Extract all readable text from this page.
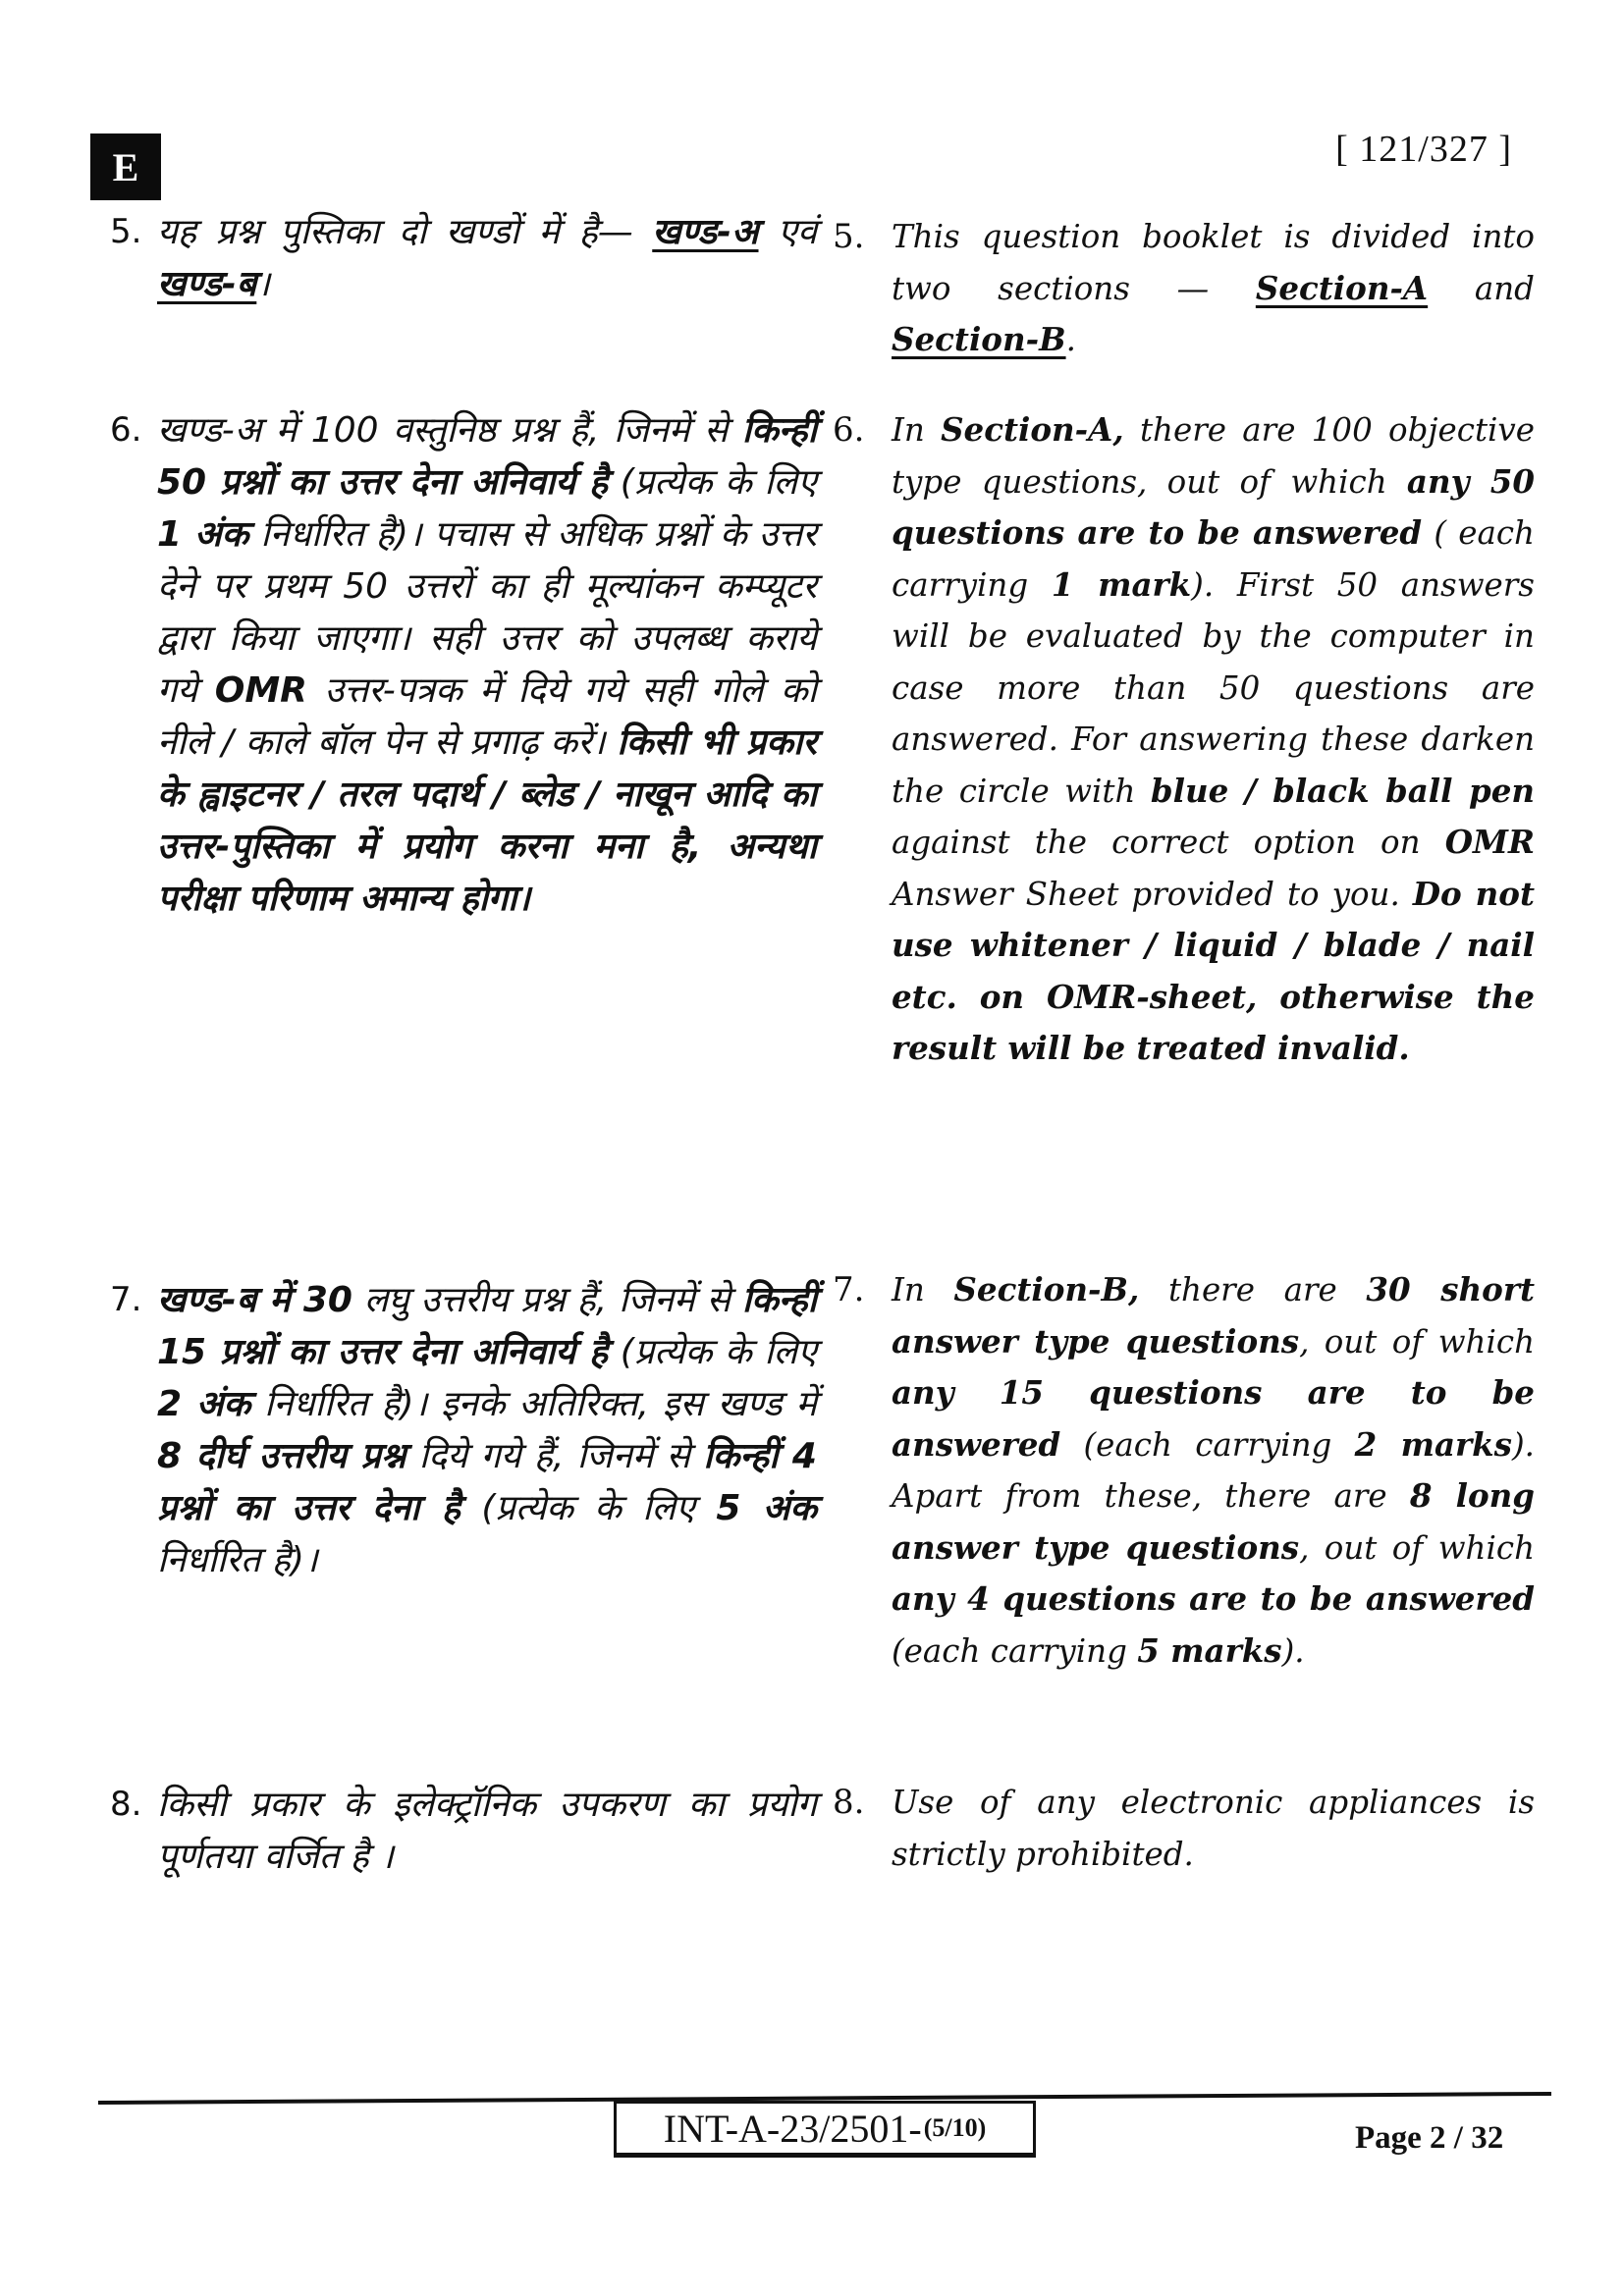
E	[ 121/327 ]
5. यह प्रश्न पुस्तिका दो खण्डों में है— खण्ड-अ एवं खण्ड-ब।
6. खण्ड-अ में 100 वस्तुनिष्ठ प्रश्न हैं, जिनमें से किन्हीं 50 प्रश्नों का उत्तर देना अनिवार्य है (प्रत्येक के लिए 1 अंक निर्धारित है)। पचास से अधिक प्रश्नों के उत्तर देने पर प्रथम 50 उत्तरों का ही मूल्यांकन कम्प्यूटर द्वारा किया जाएगा। सही उत्तर को उपलब्ध कराये गये OMR उत्तर-पत्रक में दिये गये सही गोले को नीले / काले बॉल पेन से प्रगाढ़ करें। किसी भी प्रकार के ह्वाइटनर / तरल पदार्थ / ब्लेड / नाखून आदि का उत्तर-पुस्तिका में प्रयोग करना मना है, अन्यथा परीक्षा परिणाम अमान्य होगा।
7. खण्ड-ब में 30 लघु उत्तरीय प्रश्न हैं, जिनमें से किन्हीं 15 प्रश्नों का उत्तर देना अनिवार्य है (प्रत्येक के लिए 2 अंक निर्धारित है)। इनके अतिरिक्त, इस खण्ड में 8 दीर्घ उत्तरीय प्रश्न दिये गये हैं, जिनमें से किन्हीं 4 प्रश्नों का उत्तर देना है (प्रत्येक के लिए 5 अंक निर्धारित है)।
8. किसी प्रकार के इलेक्ट्रॉनिक उपकरण का प्रयोग पूर्णतया वर्जित है ।
5. This question booklet is divided into two sections — Section-A and Section-B.
6. In Section-A, there are 100 objective type questions, out of which any 50 questions are to be answered ( each carrying 1 mark). First 50 answers will be evaluated by the computer in case more than 50 questions are answered. For answering these darken the circle with blue / black ball pen against the correct option on OMR Answer Sheet provided to you. Do not use whitener / liquid / blade / nail etc. on OMR-sheet, otherwise the result will be treated invalid.
7. In Section-B, there are 30 short answer type questions, out of which any 15 questions are to be answered (each carrying 2 marks). Apart from these, there are 8 long answer type questions, out of which any 4 questions are to be answered (each carrying 5 marks).
8. Use of any electronic appliances is strictly prohibited.
INT-A-23/2501- (5/10)	Page 2 / 32
